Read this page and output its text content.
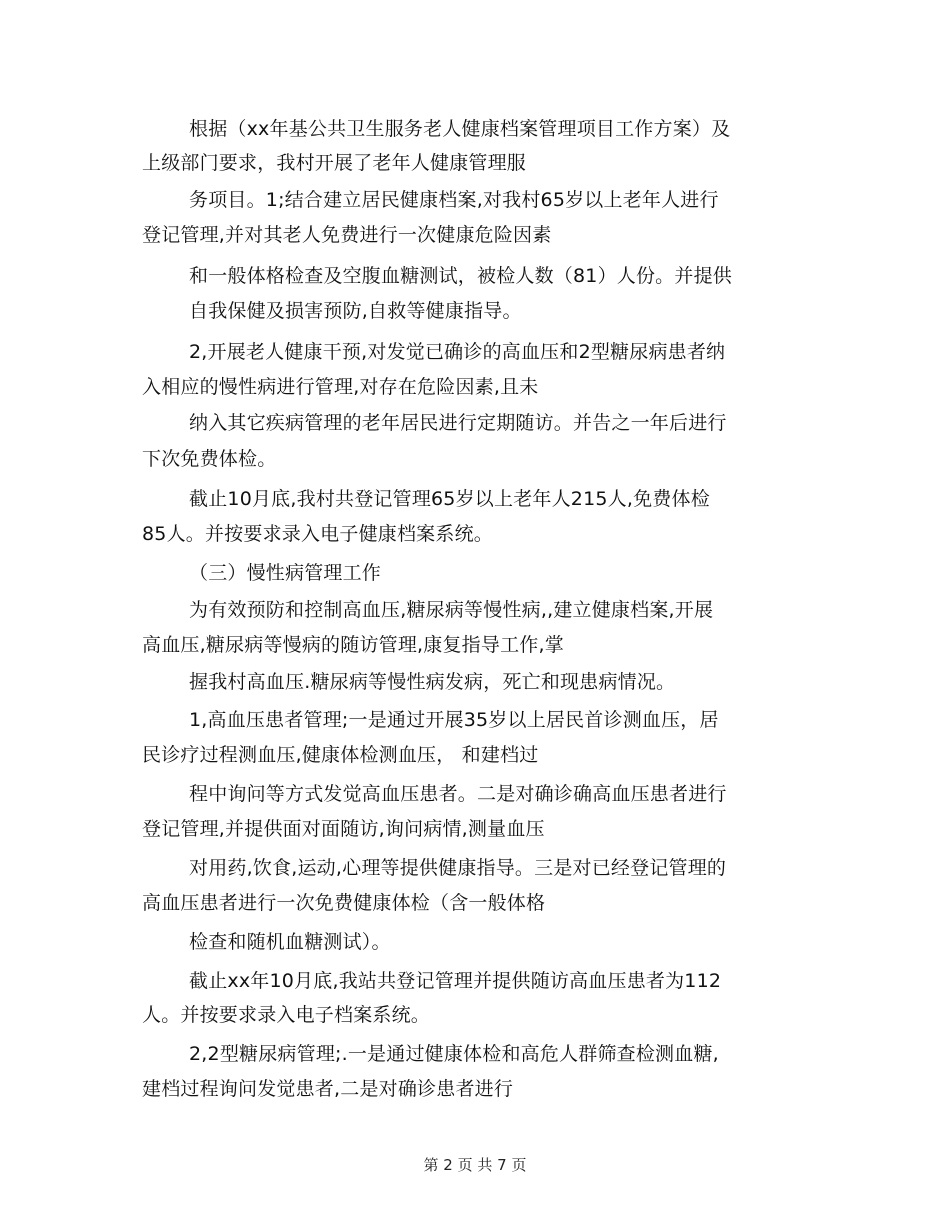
根据（xx年基公共卫生服务老人健康档案管理项目工作方案）及
上级部门要求，我村开展了老年人健康管理服
务项目。1;结合建立居民健康档案,对我村65岁以上老年人进行
登记管理,并对其老人免费进行一次健康危险因素
和一般体格检查及空腹血糖测试，被检人数（81）人份。并提供
自我保健及损害预防,自救等健康指导。
2,开展老人健康干预,对发觉已确诊的高血压和2型糖尿病患者纳
入相应的慢性病进行管理,对存在危险因素,且未
纳入其它疾病管理的老年居民进行定期随访。并告之一年后进行
下次免费体检。
截止10月底,我村共登记管理65岁以上老年人215人,免费体检
85人。并按要求录入电子健康档案系统。
（三）慢性病管理工作
为有效预防和控制高血压,糖尿病等慢性病,,建立健康档案,开展
高血压,糖尿病等慢病的随访管理,康复指导工作,掌
握我村高血压.糖尿病等慢性病发病，死亡和现患病情况。
1,高血压患者管理;一是通过开展35岁以上居民首诊测血压，居
民诊疗过程测血压,健康体检测血压， 和建档过
程中询问等方式发觉高血压患者。二是对确诊确高血压患者进行
登记管理,并提供面对面随访,询问病情,测量血压
对用药,饮食,运动,心理等提供健康指导。三是对已经登记管理的
高血压患者进行一次免费健康体检（含一般体格
检查和随机血糖测试）。
截止xx年10月底,我站共登记管理并提供随访高血压患者为112
人。并按要求录入电子档案系统。
2,2型糖尿病管理;.一是通过健康体检和高危人群筛查检测血糖,
建档过程询问发觉患者,二是对确诊患者进行
第 2 页 共 7 页
